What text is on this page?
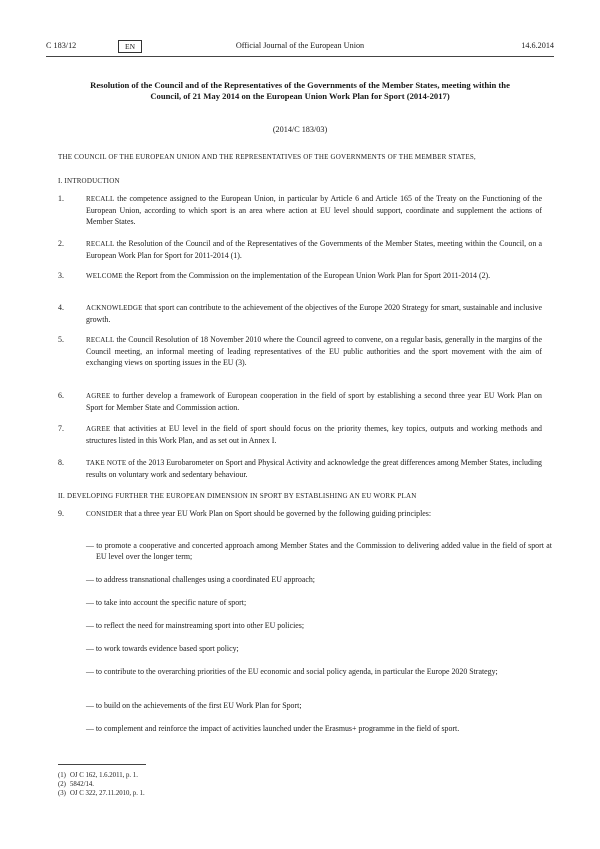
C 183/12	EN	Official Journal of the European Union	14.6.2014
Resolution of the Council and of the Representatives of the Governments of the Member States, meeting within the Council, of 21 May 2014 on the European Union Work Plan for Sport (2014-2017)
(2014/C 183/03)
THE COUNCIL OF THE EUROPEAN UNION AND THE REPRESENTATIVES OF THE GOVERNMENTS OF THE MEMBER STATES,
I. INTRODUCTION
1.	RECALL the competence assigned to the European Union, in particular by Article 6 and Article 165 of the Treaty on the Functioning of the European Union, according to which sport is an area where action at EU level should support, coordinate and supplement the actions of Member States.
2.	RECALL the Resolution of the Council and of the Representatives of the Governments of the Member States, meeting within the Council, on a European Work Plan for Sport for 2011-2014 (1).
3.	WELCOME the Report from the Commission on the implementation of the European Union Work Plan for Sport 2011-2014 (2).
4.	ACKNOWLEDGE that sport can contribute to the achievement of the objectives of the Europe 2020 Strategy for smart, sustainable and inclusive growth.
5.	RECALL the Council Resolution of 18 November 2010 where the Council agreed to convene, on a regular basis, generally in the margins of the Council meeting, an informal meeting of leading representatives of the EU public authorities and the sport movement with the aim of exchanging views on sporting issues in the EU (3).
6.	AGREE to further develop a framework of European cooperation in the field of sport by establishing a second three year EU Work Plan on Sport for Member State and Commission action.
7.	AGREE that activities at EU level in the field of sport should focus on the priority themes, key topics, outputs and working methods and structures listed in this Work Plan, and as set out in Annex I.
8.	TAKE NOTE of the 2013 Eurobarometer on Sport and Physical Activity and acknowledge the great differences among Member States, including results on voluntary work and sedentary behaviour.
II. DEVELOPING FURTHER THE EUROPEAN DIMENSION IN SPORT BY ESTABLISHING AN EU WORK PLAN
9.	CONSIDER that a three year EU Work Plan on Sport should be governed by the following guiding principles:
— to promote a cooperative and concerted approach among Member States and the Commission to delivering added value in the field of sport at EU level over the longer term;
— to address transnational challenges using a coordinated EU approach;
— to take into account the specific nature of sport;
— to reflect the need for mainstreaming sport into other EU policies;
— to work towards evidence based sport policy;
— to contribute to the overarching priorities of the EU economic and social policy agenda, in particular the Europe 2020 Strategy;
— to build on the achievements of the first EU Work Plan for Sport;
— to complement and reinforce the impact of activities launched under the Erasmus+ programme in the field of sport.
(1) OJ C 162, 1.6.2011, p. 1.
(2) 5842/14.
(3) OJ C 322, 27.11.2010, p. 1.
